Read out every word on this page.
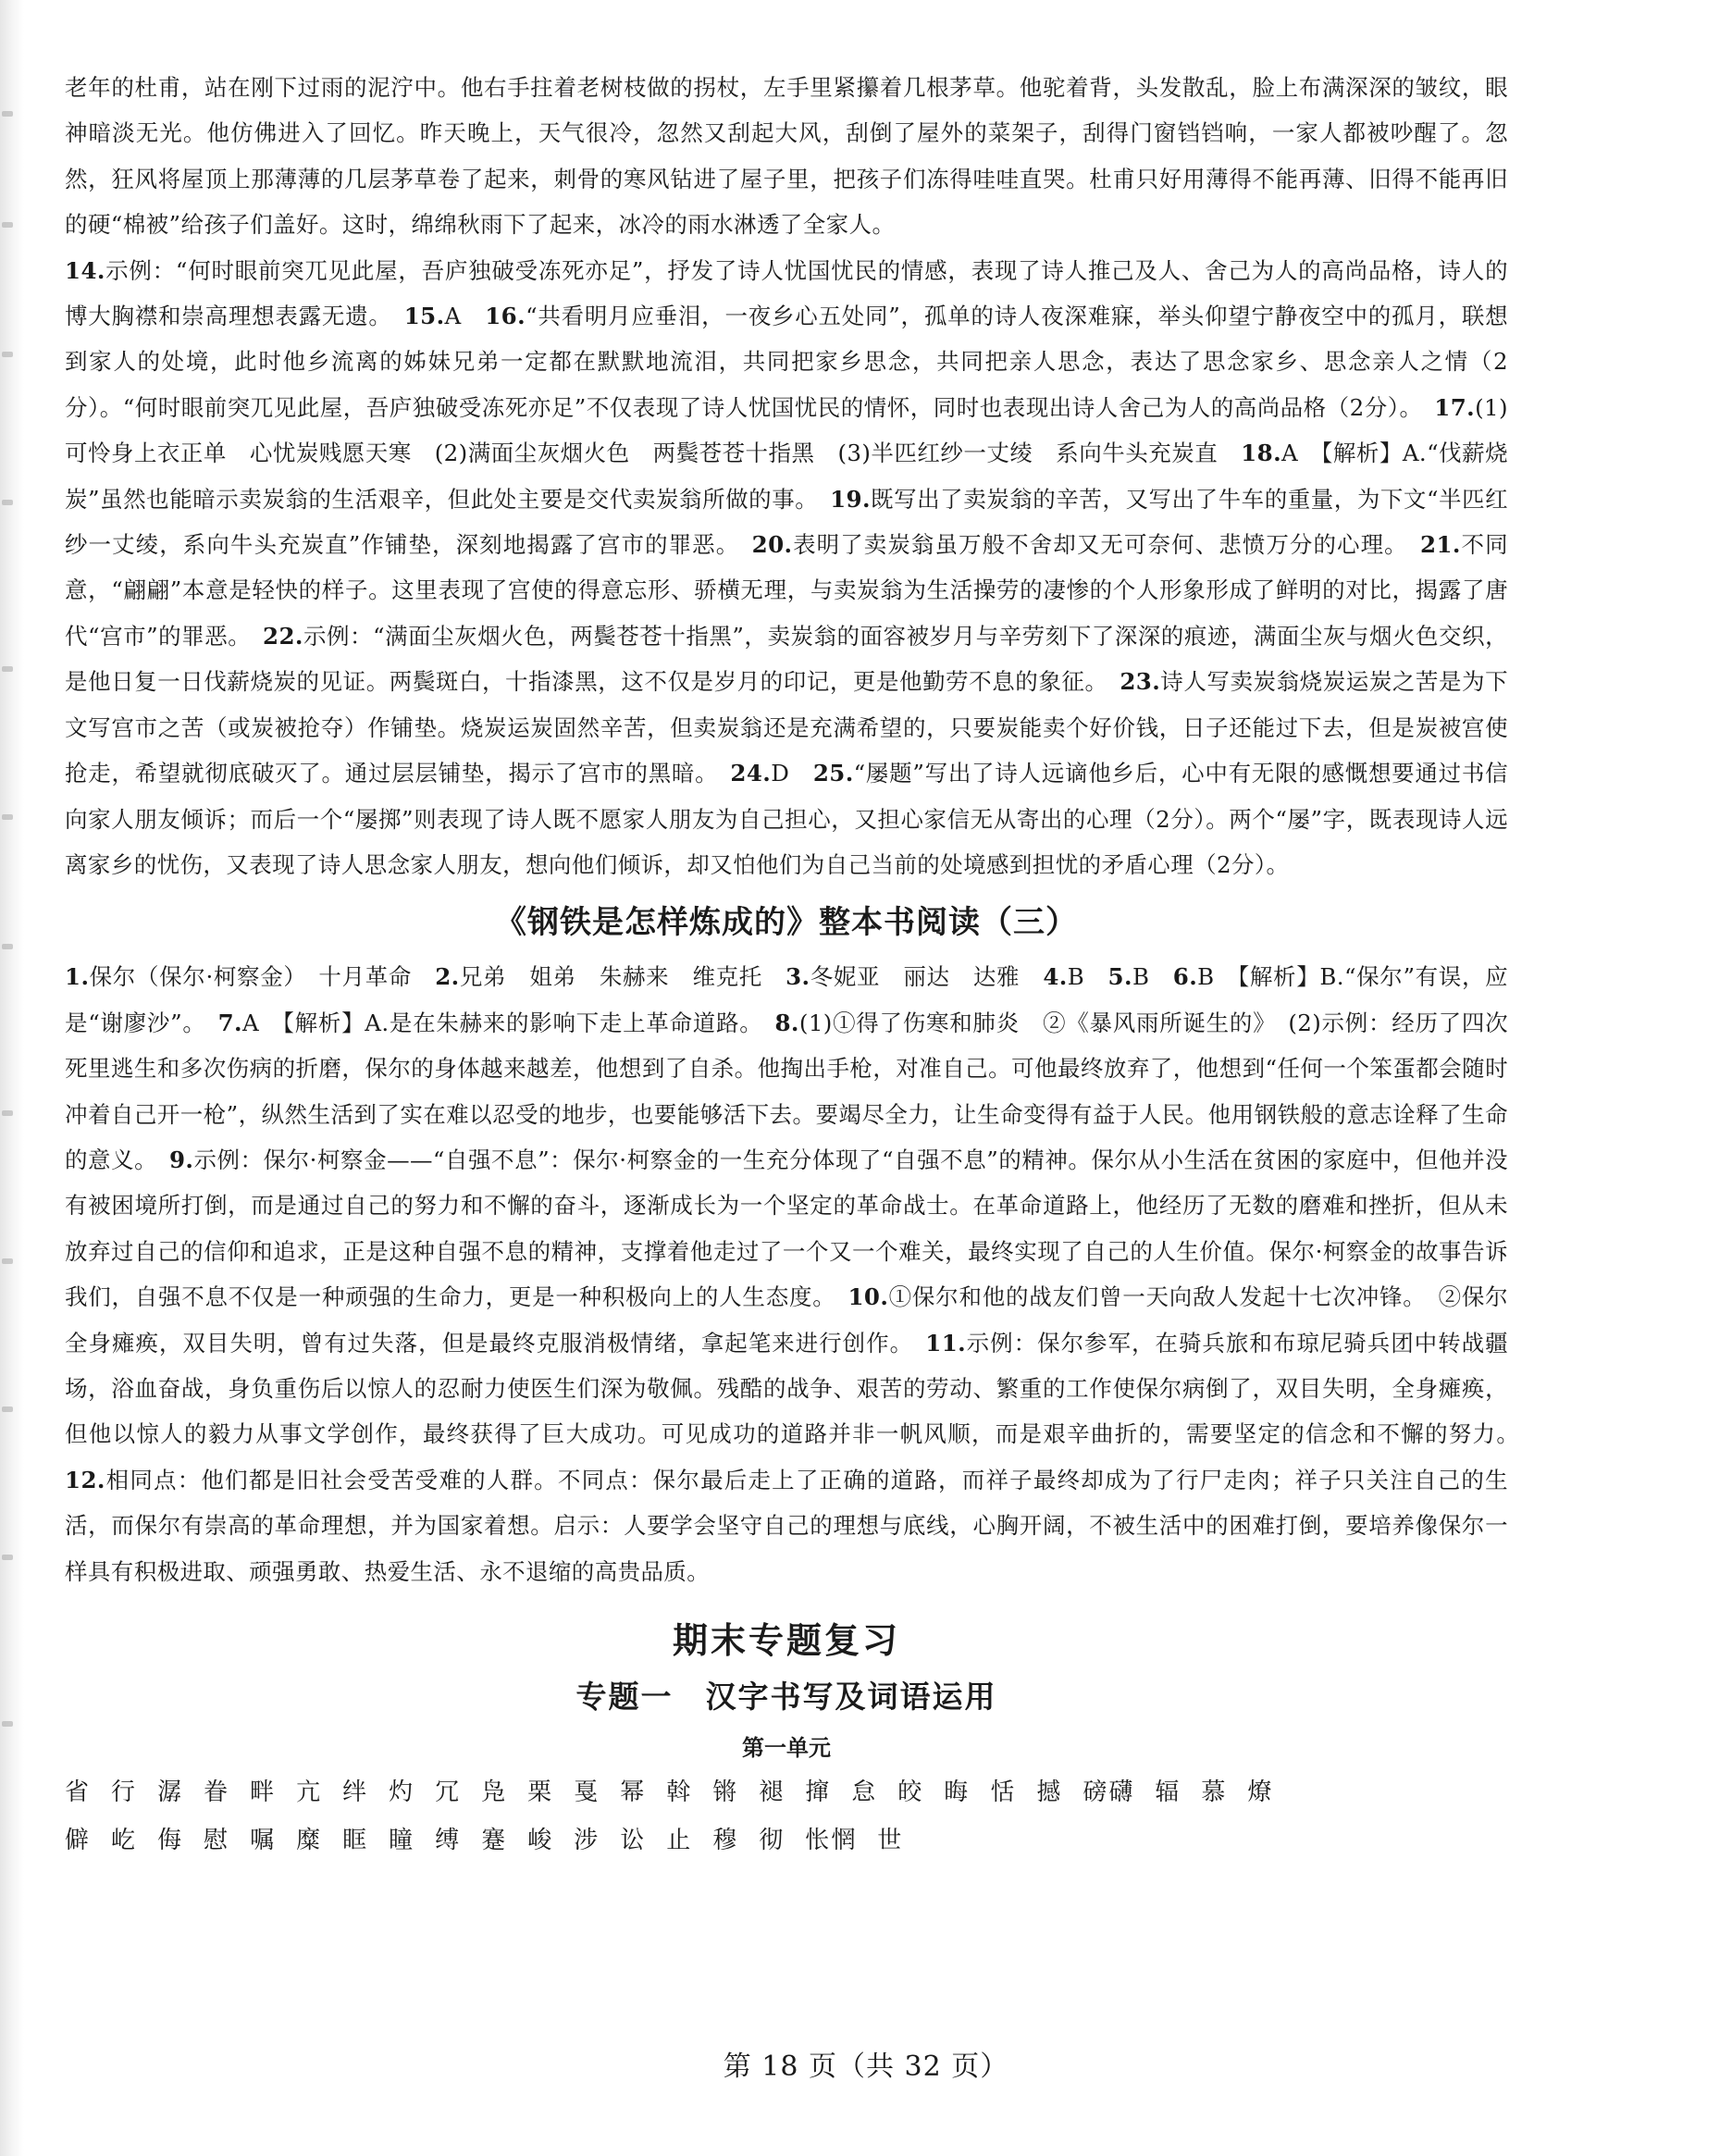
老年的杜甫，站在刚下过雨的泥泞中。他右手拄着老树枝做的拐杖，左手里紧攥着几根茅草。他驼着背，头发散乱，脸上布满深深的皱纹，眼神暗淡无光。他仿佛进入了回忆。昨天晚上，天气很冷，忽然又刮起大风，刮倒了屋外的菜架子，刮得门窗铛铛响，一家人都被吵醒了。忽然，狂风将屋顶上那薄薄的几层茅草卷了起来，刺骨的寒风钻进了屋子里，把孩子们冻得哇哇直哭。杜甫只好用薄得不能再薄、旧得不能再旧的硬“棉被”给孩子们盖好。这时，绵绵秋雨下了起来，冰冷的雨水淋透了全家人。

14.示例：“何时眼前突兀见此屋，吾庐独破受冻死亦足”，抒发了诗人忧国忧民的情感，表现了诗人推己及人、舍己为人的高尚品格，诗人的博大胸襟和崇高理想表露无遗。　15.A　16.“共看明月应垂泪，一夜乡心五处同”，孤单的诗人夜深难寐，举头仰望宁静夜空中的孤月，联想到家人的处境，此时他乡流离的姊妹兄弟一定都在默默地流泪，共同把家乡思念，共同把亲人思念，表达了思念家乡、思念亲人之情（2分）。“何时眼前突兀见此屋，吾庐独破受冻死亦足”不仅表现了诗人忧国忧民的情怀，同时也表现出诗人舍己为人的高尚品格（2分）。　17.(1)可怜身上衣正单　心忧炭贱愿天寒　(2)满面尘灰烟火色　两鬓苍苍十指黑　(3)半匹红纱一丈绫　系向牛头充炭直　18.A　【解析】A.“伐薪烧炭”虽然也能暗示卖炭翁的生活艰辛，但此处主要是交代卖炭翁所做的事。　19.既写出了卖炭翁的辛苦，又写出了牛车的重量，为下文“半匹红纱一丈绫，系向牛头充炭直”作铺垫，深刻地揭露了宫市的罪恶。　20.表明了卖炭翁虽万般不舍却又无可奈何、悲愤万分的心理。　21.不同意，“翩翩”本意是轻快的样子。这里表现了宫使的得意忘形、骄横无理，与卖炭翁为生活操劳的凄惨的个人形象形成了鲜明的对比，揭露了唐代“宫市”的罪恶。　22.示例：“满面尘灰烟火色，两鬓苍苍十指黑”，卖炭翁的面容被岁月与辛劳刻下了深深的痕迹，满面尘灰与烟火色交织，是他日复一日伐薪烧炭的见证。两鬓斑白，十指漆黑，这不仅是岁月的印记，更是他勤劳不息的象征。　23.诗人写卖炭翁烧炭运炭之苦是为下文写宫市之苦（或炭被抢夺）作铺垫。烧炭运炭固然辛苦，但卖炭翁还是充满希望的，只要炭能卖个好价钱，日子还能过下去，但是炭被宫使抢走，希望就彻底破灭了。通过层层铺垫，揭示了宫市的黑暗。　24.D　25.“屡题”写出了诗人远谪他乡后，心中有无限的感慨想要通过书信向家人朋友倾诉；而后一个“屡掷”则表现了诗人既不愿家人朋友为自己担心，又担心家信无从寄出的心理（2分）。两个“屡”字，既表现诗人远离家乡的忧伤，又表现了诗人思念家人朋友，想向他们倾诉，却又怕他们为自己当前的处境感到担忧的矛盾心理（2分）。

《钢铁是怎样炼成的》整本书阅读（三）

1.保尔（保尔·柯察金）　十月革命　2.兄弟　姐弟　朱赫来　维克托　3.冬妮亚　丽达　达雅　4.B　5.B　6.B　【解析】B.“保尔”有误，应是“谢廖沙”。　7.A　【解析】A.是在朱赫来的影响下走上革命道路。　8.(1)①得了伤寒和肺炎　②《暴风雨所诞生的》　(2)示例：经历了四次死里逃生和多次伤病的折磨，保尔的身体越来越差，他想到了自杀。他掏出手枪，对准自己。可他最终放弃了，他想到“任何一个笨蛋都会随时冲着自己开一枪”，纵然生活到了实在难以忍受的地步，也要能够活下去。要竭尽全力，让生命变得有益于人民。他用钢铁般的意志诠释了生命的意义。　9.示例：保尔·柯察金——“自强不息”：保尔·柯察金的一生充分体现了“自强不息”的精神。保尔从小生活在贫困的家庭中，但他并没有被困境所打倒，而是通过自己的努力和不懈的奋斗，逐渐成长为一个坚定的革命战士。在革命道路上，他经历了无数的磨难和挫折，但从未放弃过自己的信仰和追求，正是这种自强不息的精神，支撑着他走过了一个又一个难关，最终实现了自己的人生价值。保尔·柯察金的故事告诉我们，自强不息不仅是一种顽强的生命力，更是一种积极向上的人生态度。　10.①保尔和他的战友们曾一天向敌人发起十七次冲锋。　②保尔全身瘫痪，双目失明，曾有过失落，但是最终克服消极情绪，拿起笔来进行创作。　11.示例：保尔参军，在骑兵旅和布琼尼骑兵团中转战疆场，浴血奋战，身负重伤后以惊人的忍耐力使医生们深为敬佩。残酷的战争、艰苦的劳动、繁重的工作使保尔病倒了，双目失明，全身瘫痪，但他以惊人的毅力从事文学创作，最终获得了巨大成功。可见成功的道路并非一帆风顺，而是艰辛曲折的，需要坚定的信念和不懈的努力。　12.相同点：他们都是旧社会受苦受难的人群。不同点：保尔最后走上了正确的道路，而祥子最终却成为了行尸走肉；祥子只关注自己的生活，而保尔有崇高的革命理想，并为国家着想。启示：人要学会坚守自己的理想与底线，心胸开阔，不被生活中的困难打倒，要培养像保尔一样具有积极进取、顽强勇敢、热爱生活、永不退缩的高贵品质。

期末专题复习
专题一　汉字书写及词语运用
第一单元
省 行 潺 眷 畔 亢 绊 灼 冗 凫 栗 戛 幂 斡 锵 褪 撺 怠 皎 晦 恬 撼 磅礴 辐 慕 燎
僻 屹 侮 慰 嘱 糜 眶 瞳 缚 蹇 峻 涉 讼 止 穆 彻 怅惘 世
第 18 页（共 32 页）
